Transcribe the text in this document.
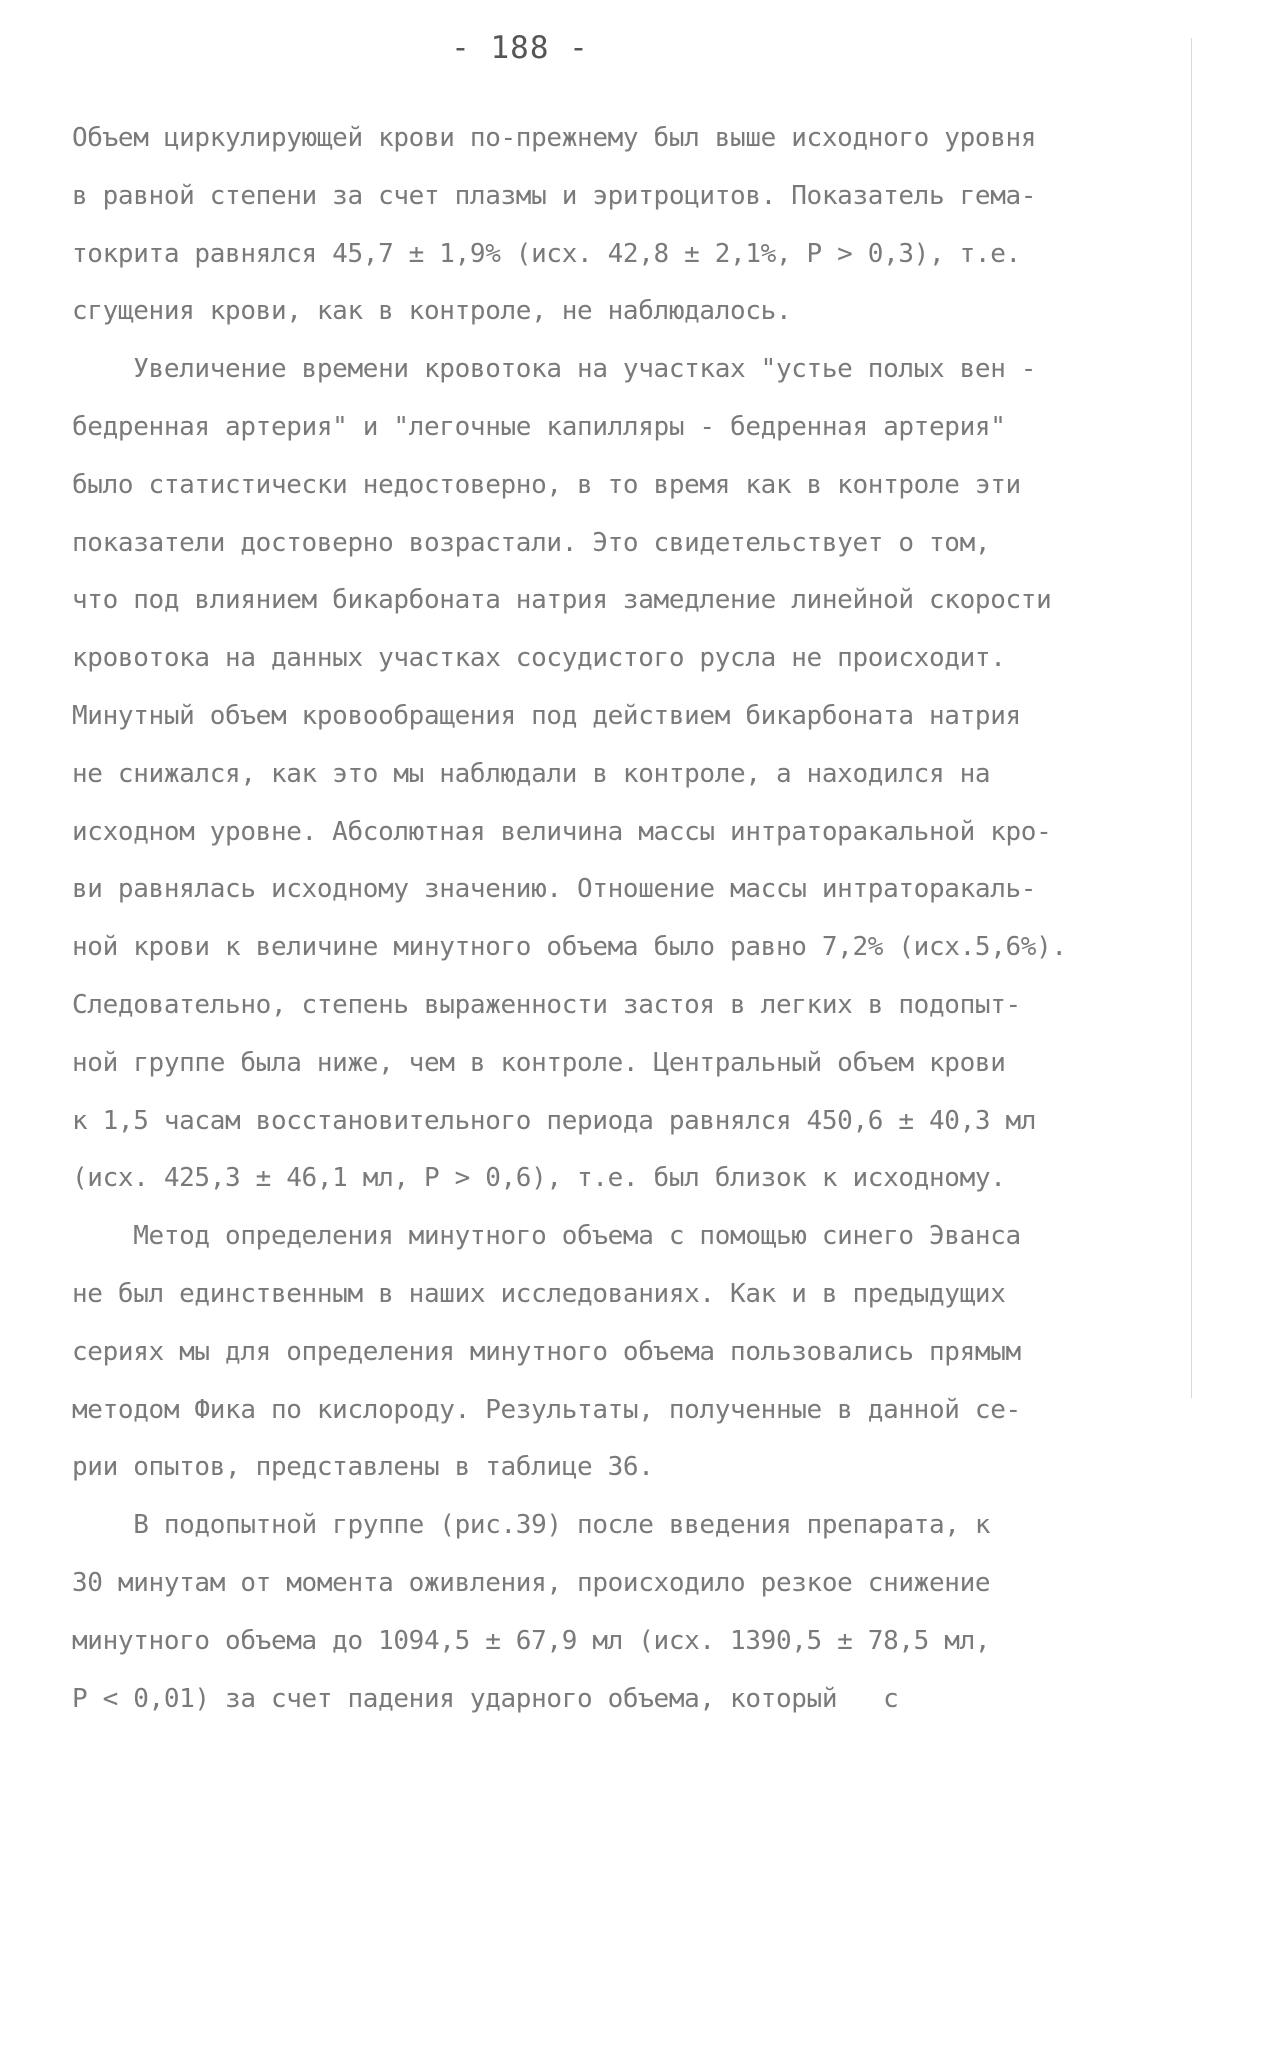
- 188 -
Объем циркулирующей крови по-прежнему был выше исходного уровня
в равной степени за счет плазмы и эритроцитов. Показатель гема-
токрита равнялся 45,7 ± 1,9% (исх. 42,8 ± 2,1%, P > 0,3), т.е.
сгущения крови, как в контроле, не наблюдалось.
Увеличение времени кровотока на участках "устье полых вен -
бедренная артерия" и "легочные капилляры - бедренная артерия"
было статистически недостоверно, в то время как в контроле эти
показатели достоверно возрастали. Это свидетельствует о том,
что под влиянием бикарбоната натрия замедление линейной скорости
кровотока на данных участках сосудистого русла не происходит.
Минутный объем кровообращения под действием бикарбоната натрия
не снижался, как это мы наблюдали в контроле, а находился на
исходном уровне. Абсолютная величина массы интраторакальной кро-
ви равнялась исходному значению. Отношение массы интраторакаль-
ной крови к величине минутного объема было равно 7,2% (исх.5,6%).
Следовательно, степень выраженности застоя в легких в подопыт-
ной группе была ниже, чем в контроле. Центральный объем крови
к 1,5 часам восстановительного периода равнялся 450,6 ± 40,3 мл
(исх. 425,3 ± 46,1 мл, P > 0,6), т.е. был близок к исходному.
Метод определения минутного объема с помощью синего Эванса
не был единственным в наших исследованиях. Как и в предыдущих
сериях мы для определения минутного объема пользовались прямым
методом Фика по кислороду. Результаты, полученные в данной се-
рии опытов, представлены в таблице 36.
В подопытной группе (рис.39) после введения препарата, к
30 минутам от момента оживления, происходило резкое снижение
минутного объема до 1094,5 ± 67,9 мл (исх. 1390,5 ± 78,5 мл,
P < 0,01) за счет падения ударного объема, который   с
